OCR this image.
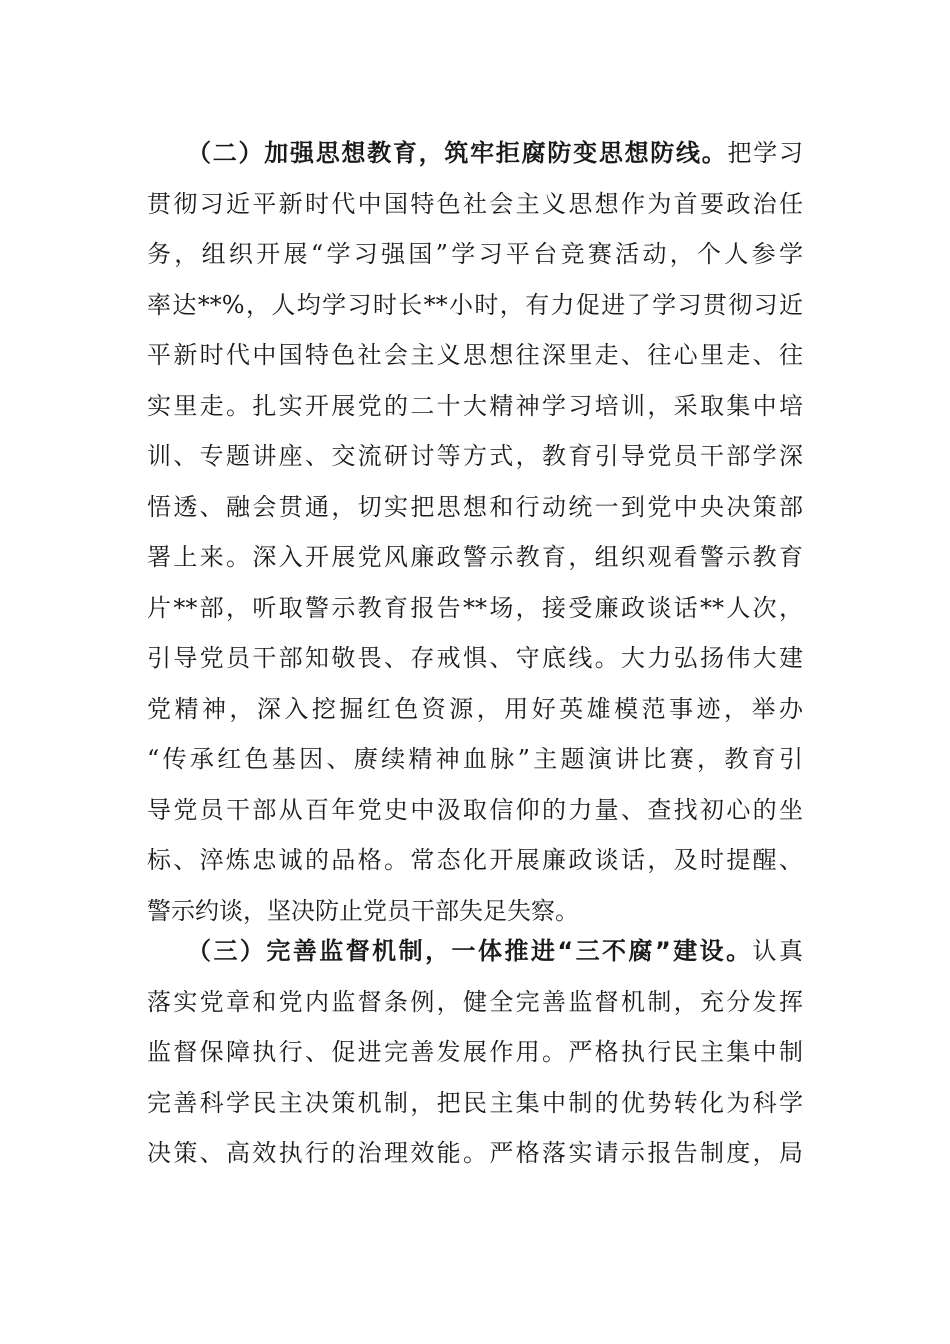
（二）加强思想教育，筑牢拒腐防变思想防线。把学习
贯彻习近平新时代中国特色社会主义思想作为首要政治任
务，组织开展“学习强国”学习平台竞赛活动，个人参学
率达**%，人均学习时长**小时，有力促进了学习贯彻习近
平新时代中国特色社会主义思想往深里走、往心里走、往
实里走。扎实开展党的二十大精神学习培训，采取集中培
训、专题讲座、交流研讨等方式，教育引导党员干部学深
悟透、融会贯通，切实把思想和行动统一到党中央决策部
署上来。深入开展党风廉政警示教育，组织观看警示教育
片**部，听取警示教育报告**场，接受廉政谈话**人次，
引导党员干部知敬畏、存戒惧、守底线。大力弘扬伟大建
党精神，深入挖掘红色资源，用好英雄模范事迹，举办
“传承红色基因、赓续精神血脉”主题演讲比赛，教育引
导党员干部从百年党史中汲取信仰的力量、查找初心的坐
标、淬炼忠诚的品格。常态化开展廉政谈话，及时提醒、
警示约谈，坚决防止党员干部失足失察。
（三）完善监督机制，一体推进“三不腐”建设。认真
落实党章和党内监督条例，健全完善监督机制，充分发挥
监督保障执行、促进完善发展作用。严格执行民主集中制
完善科学民主决策机制，把民主集中制的优势转化为科学
决策、高效执行的治理效能。严格落实请示报告制度，局
